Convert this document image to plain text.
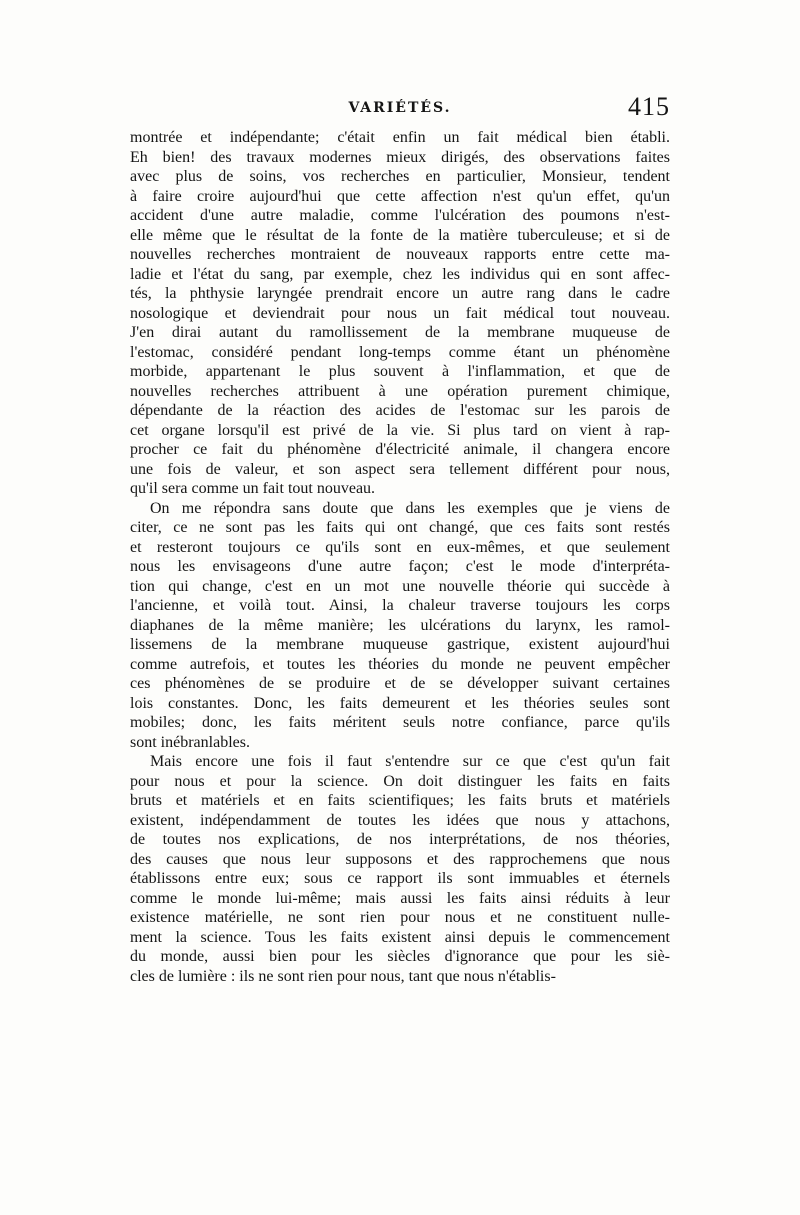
VARIÉTÉS.	415
montrée et indépendante; c'était enfin un fait médical bien établi.
Eh bien! des travaux modernes mieux dirigés, des observations faites
avec plus de soins, vos recherches en particulier, Monsieur, tendent
à faire croire aujourd'hui que cette affection n'est qu'un effet, qu'un
accident d'une autre maladie, comme l'ulcération des poumons n'est-
elle même que le résultat de la fonte de la matière tuberculeuse; et si de
nouvelles recherches montraient de nouveaux rapports entre cette ma-
ladie et l'état du sang, par exemple, chez les individus qui en sont affec-
tés, la phthysie laryngée prendrait encore un autre rang dans le cadre
nosologique et deviendrait pour nous un fait médical tout nouveau.
J'en dirai autant du ramollissement de la membrane muqueuse de
l'estomac, considéré pendant long-temps comme étant un phénomène
morbide, appartenant le plus souvent à l'inflammation, et que de
nouvelles recherches attribuent à une opération purement chimique,
dépendante de la réaction des acides de l'estomac sur les parois de
cet organe lorsqu'il est privé de la vie. Si plus tard on vient à rap-
procher ce fait du phénomène d'électricité animale, il changera encore
une fois de valeur, et son aspect sera tellement différent pour nous,
qu'il sera comme un fait tout nouveau.
On me répondra sans doute que dans les exemples que je viens de
citer, ce ne sont pas les faits qui ont changé, que ces faits sont restés
et resteront toujours ce qu'ils sont en eux-mêmes, et que seulement
nous les envisageons d'une autre façon; c'est le mode d'interpréta-
tion qui change, c'est en un mot une nouvelle théorie qui succède à
l'ancienne, et voilà tout. Ainsi, la chaleur traverse toujours les corps
diaphanes de la même manière; les ulcérations du larynx, les ramol-
lissemens de la membrane muqueuse gastrique, existent aujourd'hui
comme autrefois, et toutes les théories du monde ne peuvent empêcher
ces phénomènes de se produire et de se développer suivant certaines
lois constantes. Donc, les faits demeurent et les théories seules sont
mobiles; donc, les faits méritent seuls notre confiance, parce qu'ils
sont inébranlables.
Mais encore une fois il faut s'entendre sur ce que c'est qu'un fait
pour nous et pour la science. On doit distinguer les faits en faits
bruts et matériels et en faits scientifiques; les faits bruts et matériels
existent, indépendamment de toutes les idées que nous y attachons,
de toutes nos explications, de nos interprétations, de nos théories,
des causes que nous leur supposons et des rapprochemens que nous
établissons entre eux; sous ce rapport ils sont immuables et éternels
comme le monde lui-même; mais aussi les faits ainsi réduits à leur
existence matérielle, ne sont rien pour nous et ne constituent nulle-
ment la science. Tous les faits existent ainsi depuis le commencement
du monde, aussi bien pour les siècles d'ignorance que pour les siè-
cles de lumière : ils ne sont rien pour nous, tant que nous n'établis-
